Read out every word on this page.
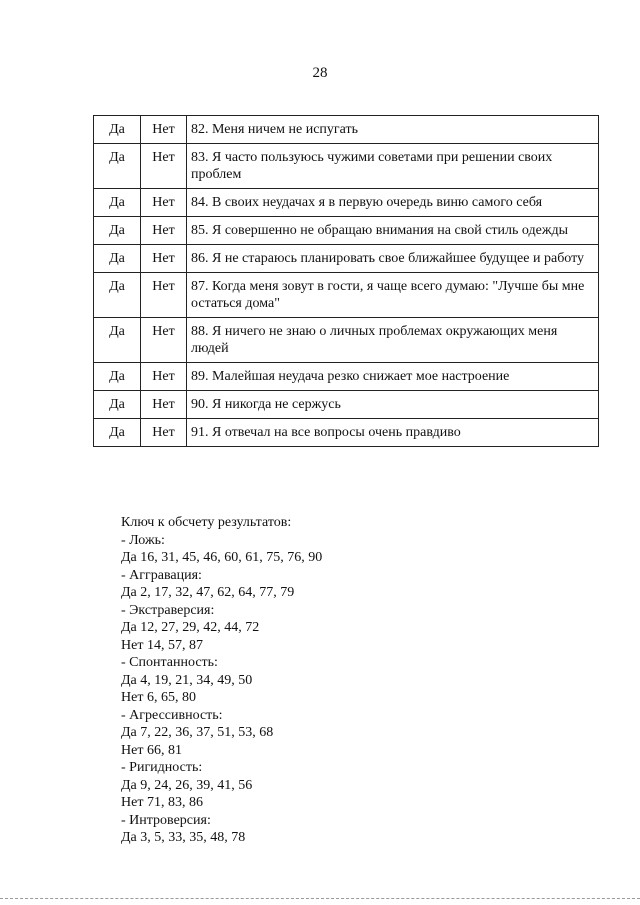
28
Да	Нет	82. Меня ничем не испугать
Да	Нет	83. Я часто пользуюсь чужими советами при решении своих проблем
Да	Нет	84. В своих неудачах я в первую очередь виню самого себя
Да	Нет	85. Я совершенно не обращаю внимания на свой стиль одежды
Да	Нет	86. Я не стараюсь планировать свое ближайшее будущее и работу
Да	Нет	87. Когда меня зовут в гости, я чаще всего думаю: "Лучше бы мне остаться дома"
Да	Нет	88. Я ничего не знаю о личных проблемах окружающих меня людей
Да	Нет	89. Малейшая неудача резко снижает мое настроение
Да	Нет	90. Я никогда не сержусь
Да	Нет	91. Я отвечал на все вопросы очень правдиво
Ключ к обсчету результатов:
- Ложь:
Да 16, 31, 45, 46, 60, 61, 75, 76, 90
- Аггравация:
Да 2, 17, 32, 47, 62, 64, 77, 79
- Экстраверсия:
Да 12, 27, 29, 42, 44, 72
Нет 14, 57, 87
- Спонтанность:
Да 4, 19, 21, 34, 49, 50
Нет 6, 65, 80
- Агрессивность:
Да 7, 22, 36, 37, 51, 53, 68
Нет 66, 81
- Ригидность:
Да 9, 24, 26, 39, 41, 56
Нет 71, 83, 86
- Интроверсия:
Да 3, 5, 33, 35, 48, 78
